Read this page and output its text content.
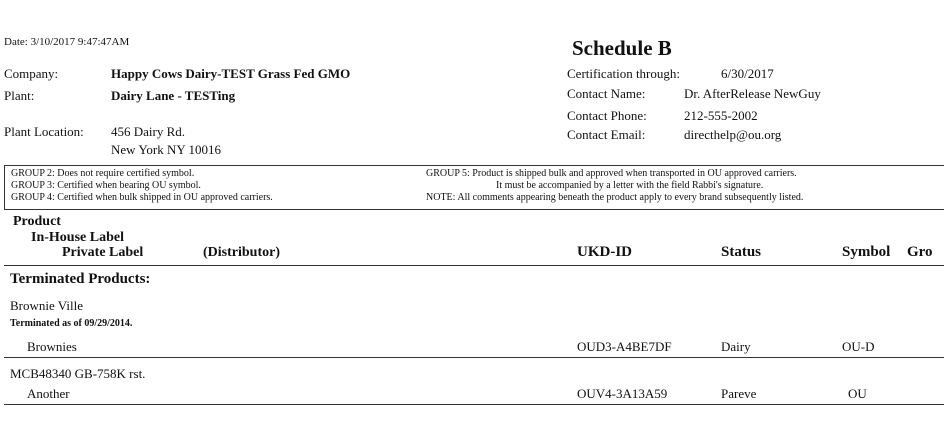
Date: 3/10/2017 9:47:47AM	Schedule B
Company:	Happy Cows Dairy-TEST Grass Fed GMO
Plant:	Dairy Lane - TESTing
Plant Location: 456 Dairy Rd.
New York NY 10016
Certification through:	6/30/2017
Contact Name:	Dr. AfterRelease NewGuy
Contact Phone:	212-555-2002
Contact Email:	directhelp@ou.org
GROUP 2: Does not require certified symbol.
GROUP 3: Certified when bearing OU symbol.
GROUP 4: Certified when bulk shipped in OU approved carriers.
GROUP 5: Product is shipped bulk and approved when transported in OU approved carriers.
It must be accompanied by a letter with the field Rabbi's signature.
NOTE: All comments appearing beneath the product apply to every brand subsequently listed.
Product
In-House Label
Private Label	(Distributor)	UKD-ID	Status	Symbol Gro
Terminated Products:
Brownie Ville
Terminated as of 09/29/2014.
Brownies	OUD3-A4BE7DF	Dairy	OU-D
MCB48340 GB-758K rst.
Another	OUV4-3A13A59	Pareve	OU
